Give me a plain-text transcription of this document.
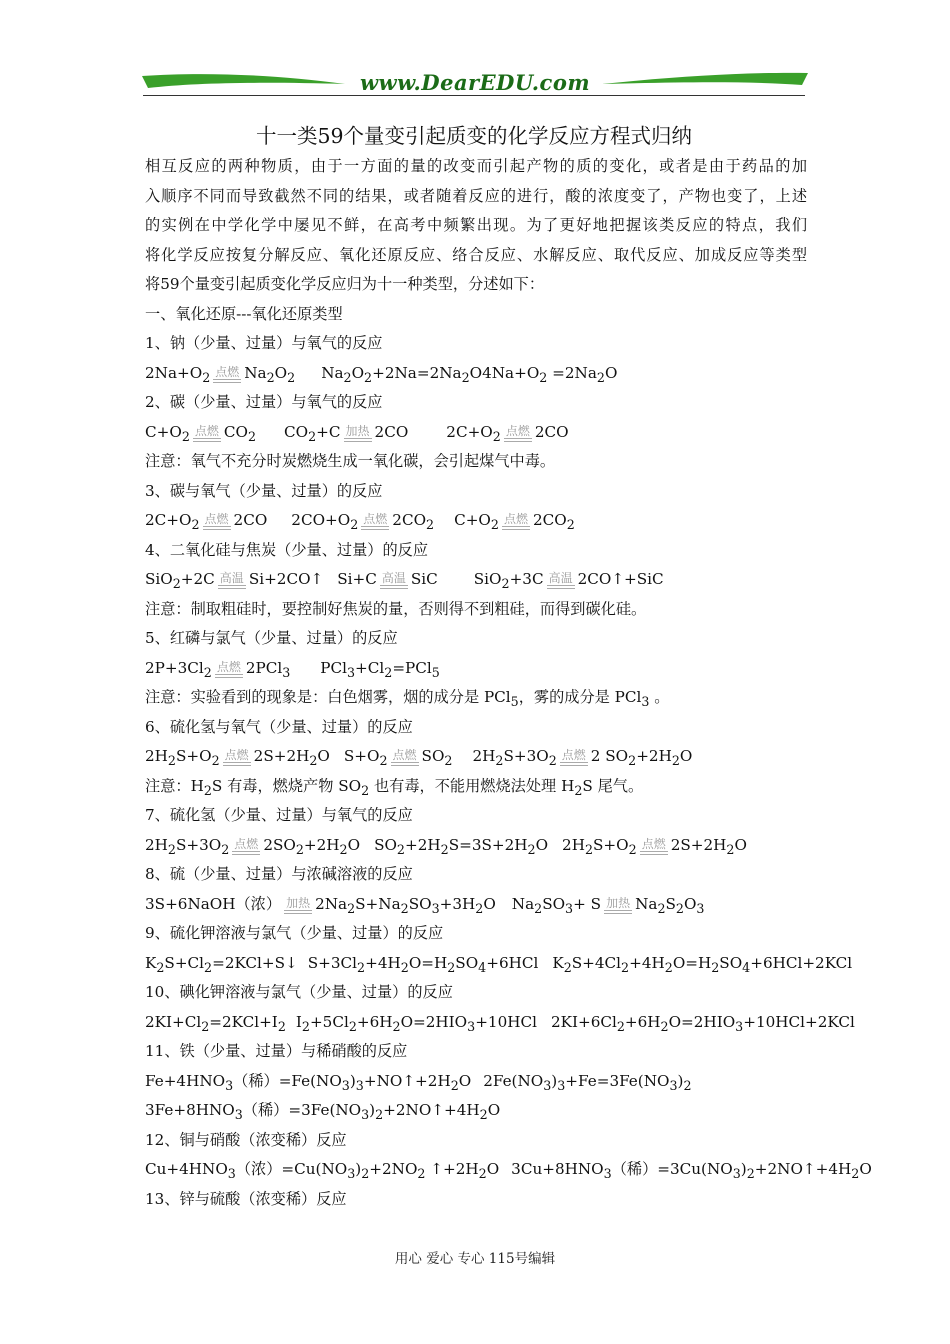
www.DearEDU.com
十一类59个量变引起质变的化学反应方程式归纳
相互反应的两种物质，由于一方面的量的改变而引起产物的质的变化，或者是由于药品的加
入顺序不同而导致截然不同的结果，或者随着反应的进行，酸的浓度变了，产物也变了，上述
的实例在中学化学中屡见不鲜，在高考中频繁出现。为了更好地把握该类反应的特点，我们
将化学反应按复分解反应、氧化还原反应、络合反应、水解反应、取代反应、加成反应等类型
将59个量变引起质变化学反应归为十一种类型，分述如下：
一、氧化还原---氧化还原类型
1、钠（少量、过量）与氧气的反应
$2Na+O_2$ 点燃 $Na_2O_2$ $Na_2O_2+2Na=2Na_2O4Na+O_2 =2Na_2O$
2、碳（少量、过量）与氧气的反应
$C+O_2$ 点燃 $CO_2$ $CO_2+C$ 加热 2CO	$2C+O_2$ 点燃 2CO
注意：氧气不充分时炭燃烧生成一氧化碳，会引起煤气中毒。
3、碳与氧气（少量、过量）的反应
$2C+O_2$ 点燃 2CO $2CO+O_2$ 点燃 $2CO_2$ $C+O_2$ 点燃 $2CO_2$
4、二氧化硅与焦炭（少量、过量）的反应
SiO$_2$+2C 高温 Si+2CO↑ Si+C 高温 SiC SiO$_2$+3C 高温 2CO↑+SiC
注意：制取粗硅时，要控制好焦炭的量，否则得不到粗硅，而得到碳化硅。
5、红磷与氯气（少量、过量）的反应
$2P+3Cl_2$ 点燃 2PCl$_3$ $PCl_3+Cl_2=PCl_5$
注意：实验看到的现象是：白色烟雾，烟的成分是 PCl$_5$，雾的成分是 PCl$_3$ 。
6、硫化氢与氧气（少量、过量）的反应
$2H_2S+O_2$ 点燃 $2S+2H_2O$ $S+O_2$ 点燃 $SO_2$ $2H_2S+3O_2$ 点燃 2 $SO_2+2H_2O$
注意：$H_2S$ 有毒，燃烧产物 $SO_2$ 也有毒，不能用燃烧法处理 $H_2S$ 尾气。
7、硫化氢（少量、过量）与氧气的反应
$2H_2S+3O_2$ 点燃 $2SO_2+2H_2O$ $SO_2+2H_2S=3S+2H_2O$ $2H_2S+O_2$ 点燃 $2S+2H_2O$
8、硫（少量、过量）与浓碱溶液的反应
3S+6NaOH（浓） 加热 $2Na_2S+Na_2SO_3+3H_2O$ $Na_2SO_3+ S$ 加热 $Na_2S_2O_3$
9、硫化钾溶液与氯气（少量、过量）的反应
$K_2S+Cl_2=2KCl+S↓$ $S+3Cl_2+4H_2O=H_2SO_4+6HCl$ $K_2S+4Cl_2+4H_2O=H_2SO_4+6HCl+2KCl$
10、碘化钾溶液与氯气（少量、过量）的反应
$2KI+Cl_2=2KCl+I_2$ $I_2+5Cl_2+6H_2O=2HIO_3+10HCl$ $2KI+6Cl_2+6H_2O=2HIO_3+10HCl+2KCl$
11、铁（少量、过量）与稀硝酸的反应
$Fe+4HNO_3$（稀）$=Fe(NO_3)_3+NO↑+2H_2O$ $2Fe(NO_3)_3+Fe=3Fe(NO_3)_2$
$3Fe+8HNO_3$（稀）$=3Fe(NO_3)_2+2NO↑+4H_2O$
12、铜与硝酸（浓变稀）反应
$Cu+4HNO_3$（浓）$=Cu(NO_3)_2+2NO_2$ $↑+2H_2O$ $3Cu+8HNO_3$（稀）$=3Cu(NO_3)_2+2NO↑+4H_2O$
13、锌与硫酸（浓变稀）反应
用心 爱心 专心 115号编辑
